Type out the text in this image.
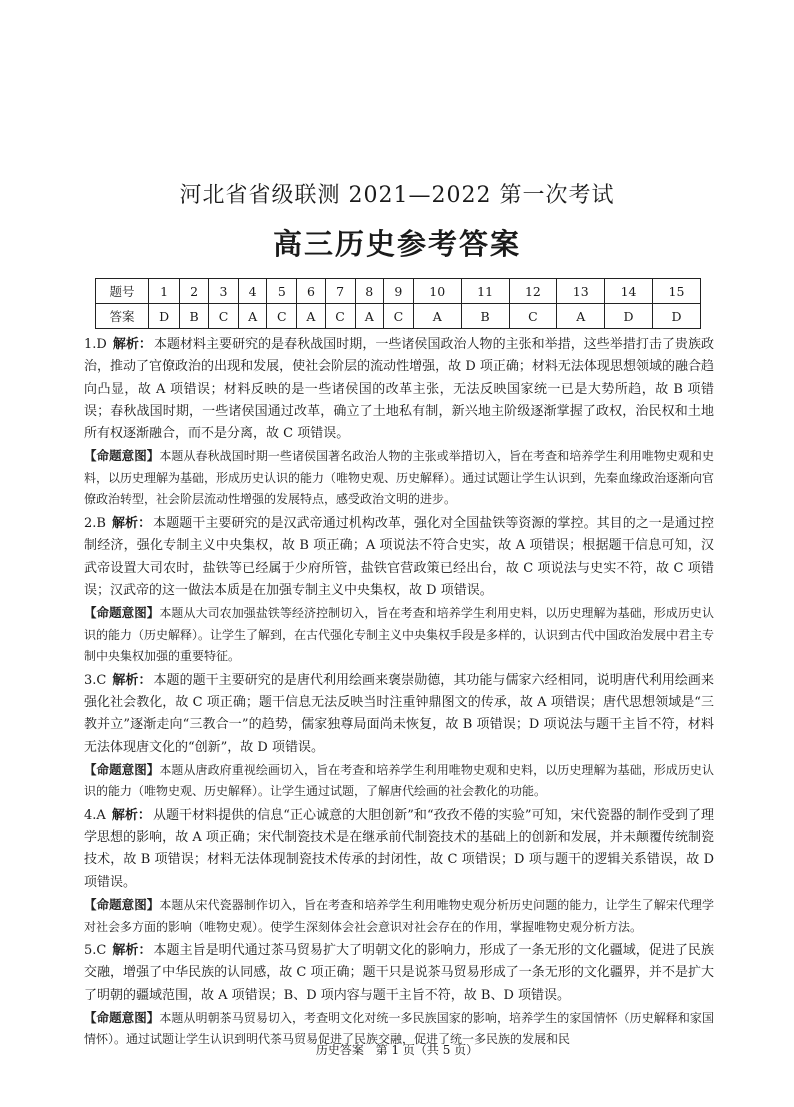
河北省省级联测 2021—2022 第一次考试
高三历史参考答案
题号	1	2	3	4	5	6	7	8	9	10	11	12	13	14	15
答案	D	B	C	A	C	A	C	A	C	A	B	C	A	D	D
1.D 解析： 本题材料主要研究的是春秋战国时期，一些诸侯国政治人物的主张和举措，这些举措打击了贵族政治，推动了官僚政治的出现和发展，使社会阶层的流动性增强，故 D 项正确；材料无法体现思想领域的融合趋向凸显，故 A 项错误；材料反映的是一些诸侯国的改革主张，无法反映国家统一已是大势所趋，故 B 项错误；春秋战国时期，一些诸侯国通过改革，确立了土地私有制，新兴地主阶级逐渐掌握了政权，治民权和土地所有权逐渐融合，而不是分离，故 C 项错误。
【命题意图】本题从春秋战国时期一些诸侯国著名政治人物的主张或举措切入，旨在考查和培养学生利用唯物史观和史料，以历史理解为基础，形成历史认识的能力（唯物史观、历史解释）。通过试题让学生认识到，先秦血缘政治逐渐向官僚政治转型，社会阶层流动性增强的发展特点，感受政治文明的进步。
2.B 解析： 本题题干主要研究的是汉武帝通过机构改革，强化对全国盐铁等资源的掌控。其目的之一是通过控制经济，强化专制主义中央集权，故 B 项正确；A 项说法不符合史实，故 A 项错误；根据题干信息可知，汉武帝设置大司农时，盐铁等已经属于少府所管，盐铁官营政策已经出台，故 C 项说法与史实不符，故 C 项错误；汉武帝的这一做法本质是在加强专制主义中央集权，故 D 项错误。
【命题意图】本题从大司农加强盐铁等经济控制切入，旨在考查和培养学生利用史料，以历史理解为基础，形成历史认识的能力（历史解释）。让学生了解到，在古代强化专制主义中央集权手段是多样的，认识到古代中国政治发展中君主专制中央集权加强的重要特征。
3.C 解析： 本题的题干主要研究的是唐代利用绘画来褒崇勋德，其功能与儒家六经相同，说明唐代利用绘画来强化社会教化，故 C 项正确；题干信息无法反映当时注重钟鼎图文的传承，故 A 项错误；唐代思想领域是“三教并立”逐渐走向“三教合一”的趋势，儒家独尊局面尚未恢复，故 B 项错误；D 项说法与题干主旨不符，材料无法体现唐文化的“创新”，故 D 项错误。
【命题意图】本题从唐政府重视绘画切入，旨在考查和培养学生利用唯物史观和史料，以历史理解为基础，形成历史认识的能力（唯物史观、历史解释）。让学生通过试题，了解唐代绘画的社会教化的功能。
4.A 解析： 从题干材料提供的信息“正心诚意的大胆创新”和“孜孜不倦的实验”可知，宋代瓷器的制作受到了理学思想的影响，故 A 项正确；宋代制瓷技术是在继承前代制瓷技术的基础上的创新和发展，并未颠覆传统制瓷技术，故 B 项错误；材料无法体现制瓷技术传承的封闭性，故 C 项错误；D 项与题干的逻辑关系错误，故 D 项错误。
【命题意图】本题从宋代瓷器制作切入，旨在考查和培养学生利用唯物史观分析历史问题的能力，让学生了解宋代理学对社会多方面的影响（唯物史观）。使学生深刻体会社会意识对社会存在的作用，掌握唯物史观分析方法。
5.C 解析： 本题主旨是明代通过茶马贸易扩大了明朝文化的影响力，形成了一条无形的文化疆域，促进了民族交融，增强了中华民族的认同感，故 C 项正确；题干只是说茶马贸易形成了一条无形的文化疆界，并不是扩大了明朝的疆域范围，故 A 项错误；B、D 项内容与题干主旨不符，故 B、D 项错误。
【命题意图】本题从明朝茶马贸易切入，考查明文化对统一多民族国家的影响，培养学生的家国情怀（历史解释和家国情怀）。通过试题让学生认识到明代茶马贸易促进了民族交融，促进了统一多民族的发展和民
历史答案 第 1 页（共 5 页）
